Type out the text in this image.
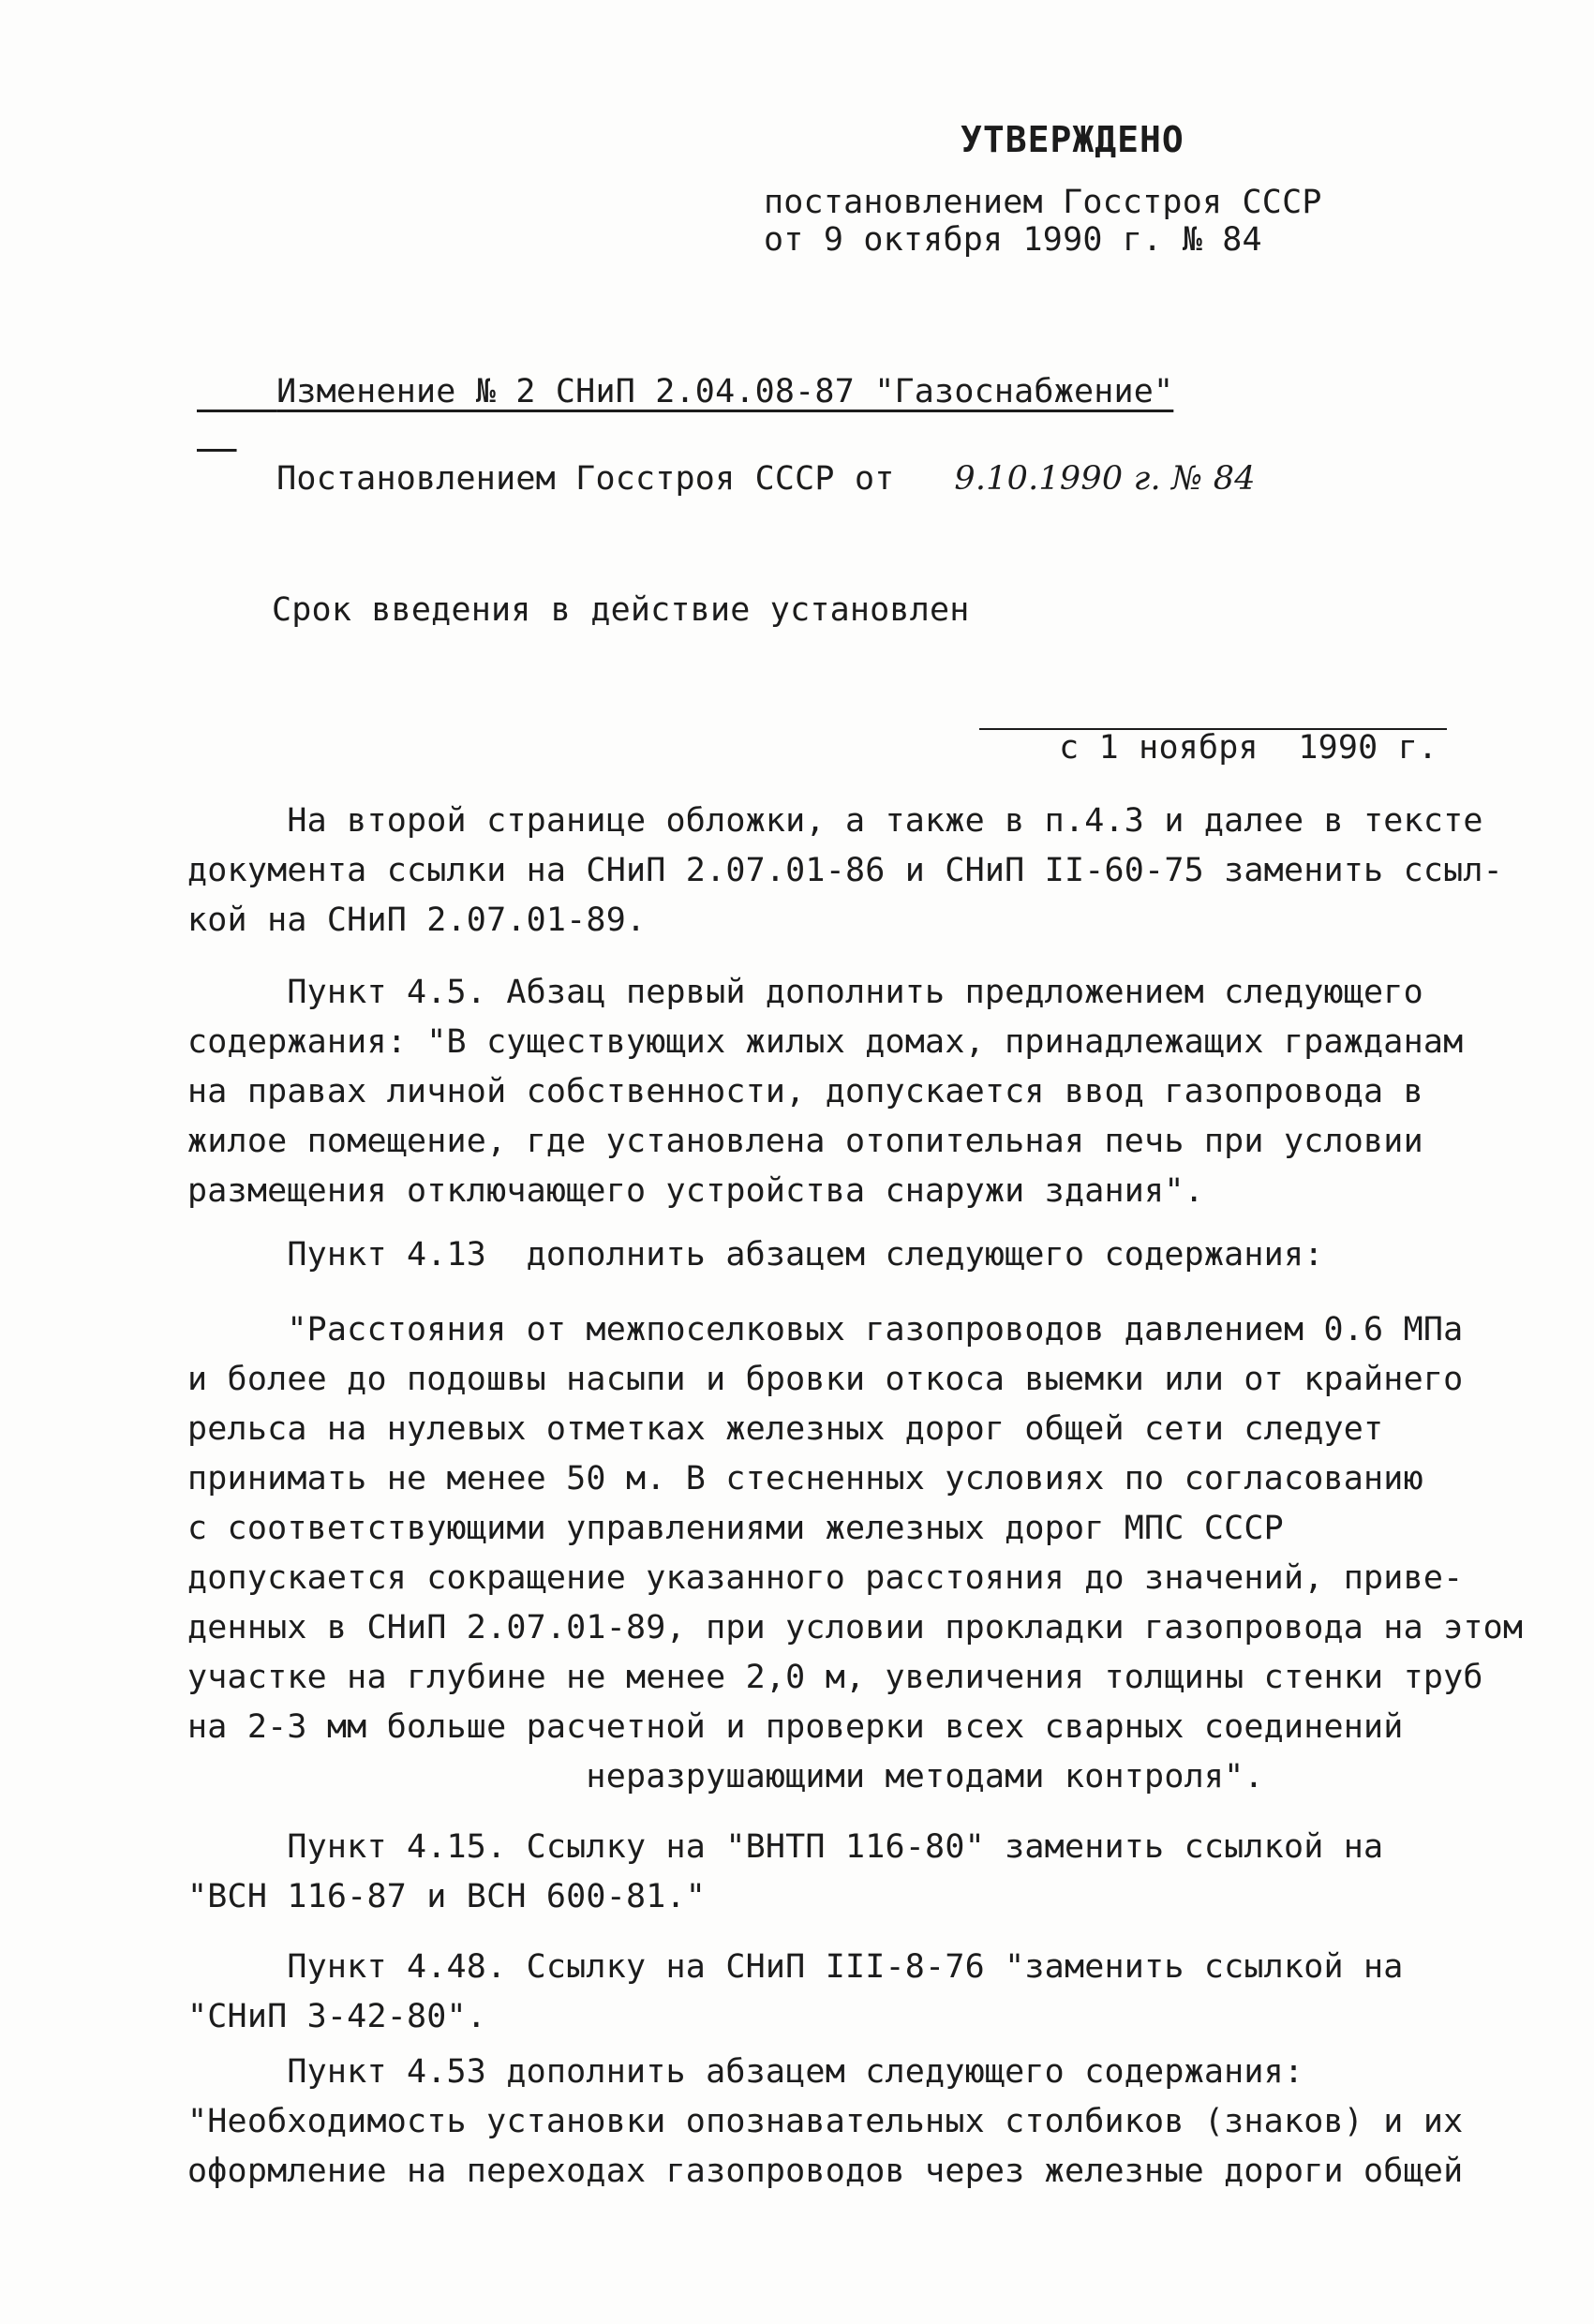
УТВЕРЖДЕНО
постановлением Госстроя СССР
от 9 октября 1990 г. № 84

Изменение № 2 СНиП 2.04.08-87 "Газоснабжение"

Постановлением Госстроя СССР от 9.10.1990 г. № 84

Срок введения в действие установлен

с 1 ноября  1990 г.

На второй странице обложки, а также в п.4.3 и далее в тексте
документа ссылки на СНиП 2.07.01-86 и СНиП II-60-75 заменить ссыл-
кой на СНиП 2.07.01-89.
Пункт 4.5. Абзац первый дополнить предложением следующего
содержания: "В существующих жилых домах, принадлежащих гражданам
на правах личной собственности, допускается ввод газопровода в
жилое помещение, где установлена отопительная печь при условии
размещения отключающего устройства снаружи здания".
Пункт 4.13  дополнить абзацем следующего содержания:
"Расстояния от межпоселковых газопроводов давлением 0.6 МПа
и более до подошвы насыпи и бровки откоса выемки или от крайнего
рельса на нулевых отметках железных дорог общей сети следует
принимать не менее 50 м. В стесненных условиях по согласованию
с соответствующими управлениями железных дорог МПС СССР
допускается сокращение указанного расстояния до значений, приве-
денных в СНиП 2.07.01-89, при условии прокладки газопровода на этом
участке на глубине не менее 2,0 м, увеличения толщины стенки труб
на 2-3 мм больше расчетной и проверки всех сварных соединений
неразрушающими методами контроля".
Пункт 4.15. Ссылку на "ВНТП 116-80" заменить ссылкой на
"ВСН 116-87 и ВСН 600-81."
Пункт 4.48. Ссылку на СНиП III-8-76 "заменить ссылкой на
"СНиП 3-42-80".
Пункт 4.53 дополнить абзацем следующего содержания:
"Необходимость установки опознавательных столбиков (знаков) и их
оформление на переходах газопроводов через железные дороги общей
